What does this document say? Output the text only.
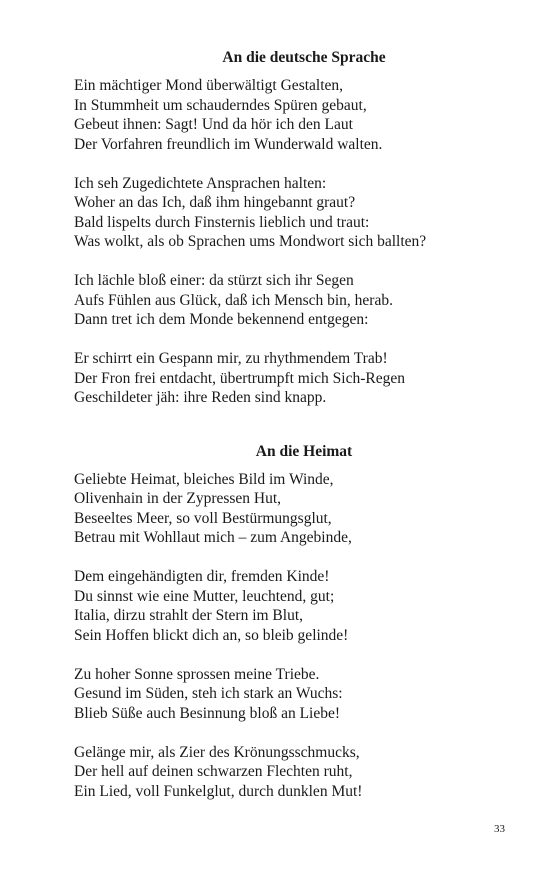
An die deutsche Sprache
Ein mächtiger Mond überwältigt Gestalten,
In Stummheit um schauderndes Spüren gebaut,
Gebeut ihnen: Sagt! Und da hör ich den Laut
Der Vorfahren freundlich im Wunderwald walten.
Ich seh Zugedichtete Ansprachen halten:
Woher an das Ich, daß ihm hingebannt graut?
Bald lispelts durch Finsternis lieblich und traut:
Was wolkt, als ob Sprachen ums Mondwort sich ballten?
Ich lächle bloß einer: da stürzt sich ihr Segen
Aufs Fühlen aus Glück, daß ich Mensch bin, herab.
Dann tret ich dem Monde bekennend entgegen:
Er schirrt ein Gespann mir, zu rhythmendem Trab!
Der Fron frei entdacht, übertrumpft mich Sich-Regen
Geschildeter jäh: ihre Reden sind knapp.
An die Heimat
Geliebte Heimat, bleiches Bild im Winde,
Olivenhain in der Zypressen Hut,
Beseeltes Meer, so voll Bestürmungsglut,
Betrau mit Wohllaut mich – zum Angebinde,
Dem eingehändigten dir, fremden Kinde!
Du sinnst wie eine Mutter, leuchtend, gut;
Italia, dirzu strahlt der Stern im Blut,
Sein Hoffen blickt dich an, so bleib gelinde!
Zu hoher Sonne sprossen meine Triebe.
Gesund im Süden, steh ich stark an Wuchs:
Blieb Süße auch Besinnung bloß an Liebe!
Gelänge mir, als Zier des Krönungsschmucks,
Der hell auf deinen schwarzen Flechten ruht,
Ein Lied, voll Funkelglut, durch dunklen Mut!
33
